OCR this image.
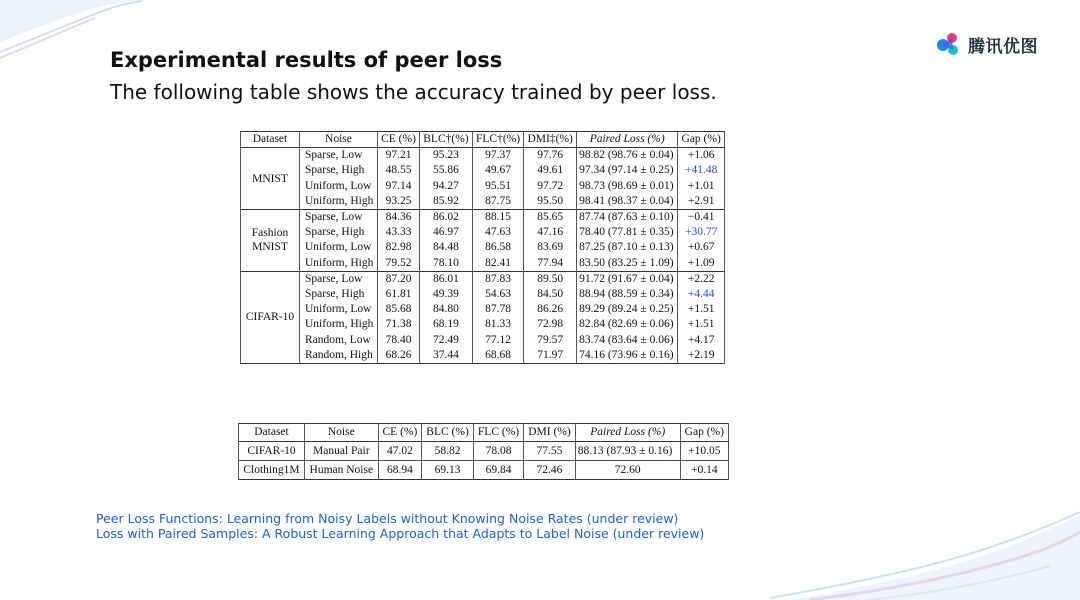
腾讯优图
Experimental results of peer loss

The following table shows the accuracy trained by peer loss.

Dataset	Noise	CE (%)	BLC†(%)	FLC†(%)	DMI‡(%)	Paired Loss (%)	Gap (%)
MNIST	Sparse, Low	97.21	95.23	97.37	97.76	98.82 (98.76 ± 0.04)	+1.06
	Sparse, High	48.55	55.86	49.67	49.61	97.34 (97.14 ± 0.25)	+41.48
	Uniform, Low	97.14	94.27	95.51	97.72	98.73 (98.69 ± 0.01)	+1.01
	Uniform, High	93.25	85.92	87.75	95.50	98.41 (98.37 ± 0.04)	+2.91
Fashion MNIST	Sparse, Low	84.36	86.02	88.15	85.65	87.74 (87.63 ± 0.10)	−0.41
	Sparse, High	43.33	46.97	47.63	47.16	78.40 (77.81 ± 0.35)	+30.77
	Uniform, Low	82.98	84.48	86.58	83.69	87.25 (87.10 ± 0.13)	+0.67
	Uniform, High	79.52	78.10	82.41	77.94	83.50 (83.25 ± 1.09)	+1.09
CIFAR-10	Sparse, Low	87.20	86.01	87.83	89.50	91.72 (91.67 ± 0.04)	+2.22
	Sparse, High	61.81	49.39	54.63	84.50	88.94 (88.59 ± 0.34)	+4.44
	Uniform, Low	85.68	84.80	87.78	86.26	89.29 (89.24 ± 0.25)	+1.51
	Uniform, High	71.38	68.19	81.33	72.98	82.84 (82.69 ± 0.06)	+1.51
	Random, Low	78.40	72.49	77.12	79.57	83.74 (83.64 ± 0.06)	+4.17
	Random, High	68.26	37.44	68.68	71.97	74.16 (73.96 ± 0.16)	+2.19
Dataset	Noise	CE (%)	BLC (%)	FLC (%)	DMI (%)	Paired Loss (%)	Gap (%)
CIFAR-10	Manual Pair	47.02	58.82	78.08	77.55	88.13 (87.93 ± 0.16)	+10.05
Clothing1M	Human Noise	68.94	69.13	69.84	72.46	72.60	+0.14
Peer Loss Functions: Learning from Noisy Labels without Knowing Noise Rates (under review)
Loss with Paired Samples: A Robust Learning Approach that Adapts to Label Noise (under review)
